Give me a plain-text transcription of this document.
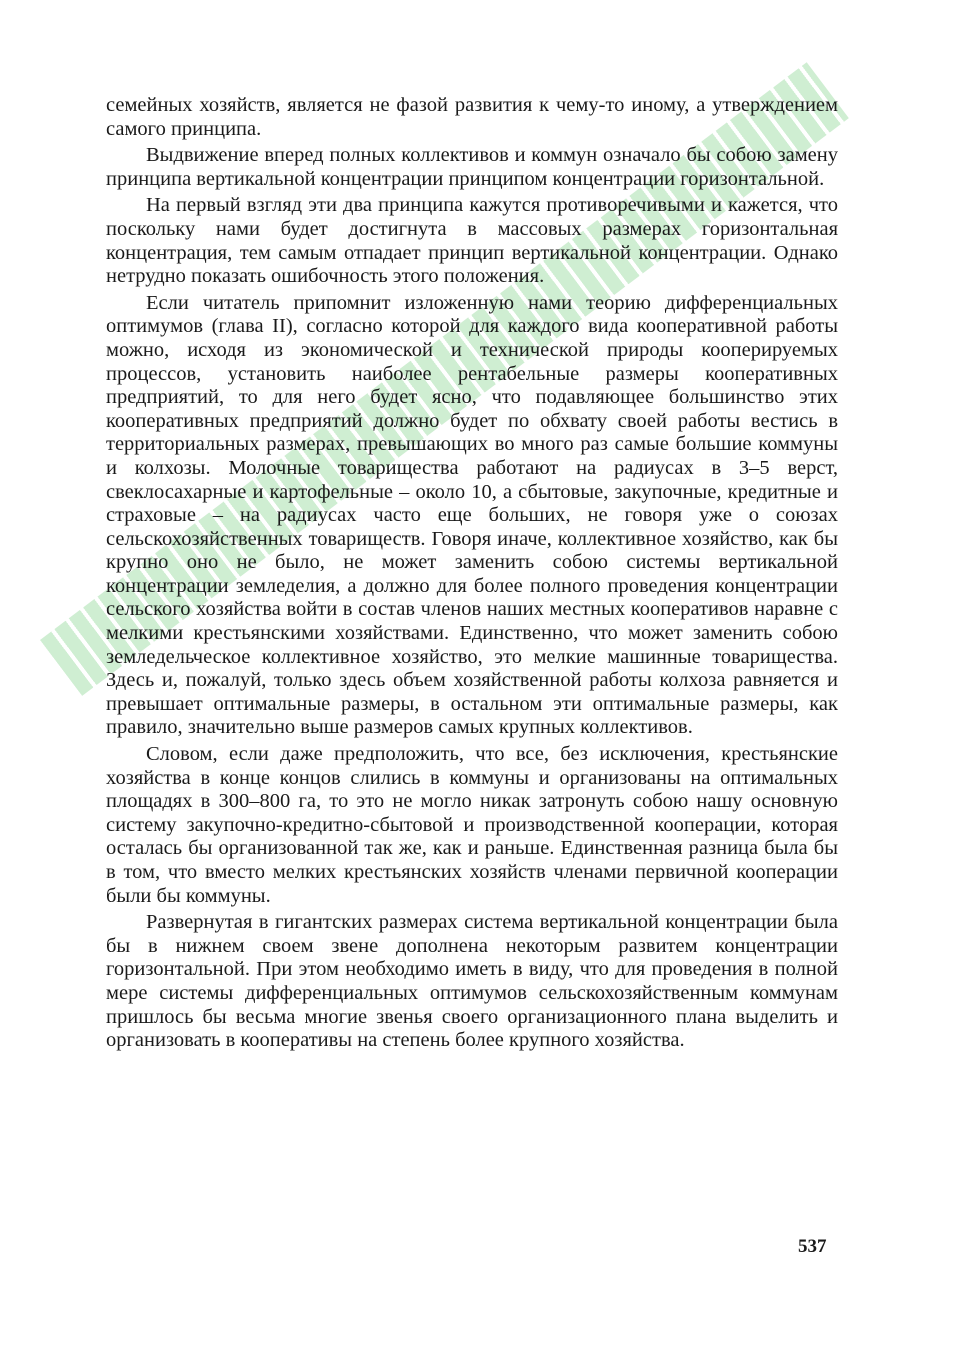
семейных хозяйств, является не фазой развития к чему-то иному, а утверждением самого принципа.

Выдвижение вперед полных коллективов и коммун означало бы собою замену принципа вертикальной концентрации принципом концентрации горизонтальной.

На первый взгляд эти два принципа кажутся противоречивыми и кажется, что поскольку нами будет достигнута в массовых размерах горизонтальная концентрация, тем самым отпадает принцип вертикальной концентрации. Однако нетрудно показать ошибочность этого положения.

Если читатель припомнит изложенную нами теорию дифференциальных оптимумов (глава II), согласно которой для каждого вида кооперативной работы можно, исходя из экономической и технической природы кооперируемых процессов, установить наиболее рентабельные размеры кооперативных предприятий, то для него будет ясно, что подавляющее большинство этих кооперативных предприятий должно будет по обхвату своей работы вестись в территориальных размерах, превышающих во много раз самые большие коммуны и колхозы. Молочные товарищества работают на радиусах в 3–5 верст, свеклосахарные и картофельные – около 10, а сбытовые, закупочные, кредитные и страховые – на радиусах часто еще больших, не говоря уже о союзах сельскохозяйственных товариществ. Говоря иначе, коллективное хозяйство, как бы крупно оно не было, не может заменить собою системы вертикальной концентрации земледелия, а должно для более полного проведения концентрации сельского хозяйства войти в состав членов наших местных кооперативов наравне с мелкими крестьянскими хозяйствами. Единственно, что может заменить собою земледельческое коллективное хозяйство, это мелкие машинные товарищества. Здесь и, пожалуй, только здесь объем хозяйственной работы колхоза равняется и превышает оптимальные размеры, в остальном эти оптимальные размеры, как правило, значительно выше размеров самых крупных коллективов.

Словом, если даже предположить, что все, без исключения, крестьянские хозяйства в конце концов слились в коммуны и организованы на оптимальных площадях в 300–800 га, то это не могло никак затронуть собою нашу основную систему закупочно-кредитно-сбытовой и производственной кооперации, которая осталась бы организованной так же, как и раньше. Единственная разница была бы в том, что вместо мелких крестьянских хозяйств членами первичной кооперации были бы коммуны.

Развернутая в гигантских размерах система вертикальной концентрации была бы в нижнем своем звене дополнена некоторым развитем концентрации горизонтальной. При этом необходимо иметь в виду, что для проведения в полной мере системы дифференциальных оптимумов сельскохозяйственным коммунам пришлось бы весьма многие звенья своего организационного плана выделить и организовать в кооперативы на степень более крупного хозяйства.

537
